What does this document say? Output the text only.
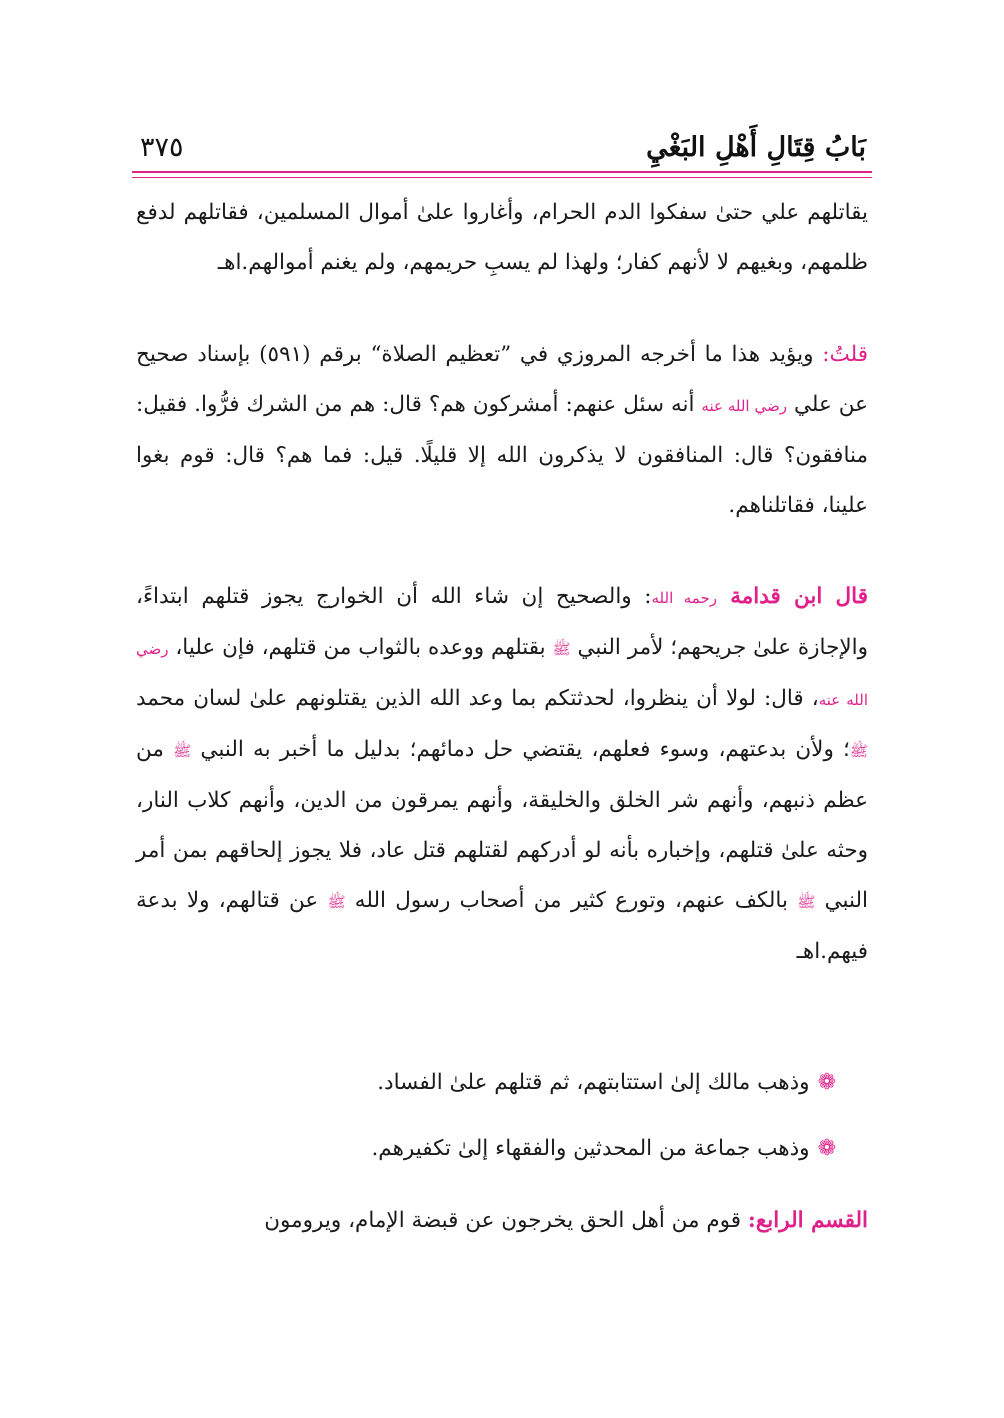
بَابُ قِتَالِ أَهْلِ البَغْيِ
٣٧٥

يقاتلهم علي حتىٰ سفكوا الدم الحرام، وأغاروا علىٰ أموال المسلمين، فقاتلهم لدفع ظلمهم، وبغيهم لا لأنهم كفار؛ ولهذا لم يسبِ حريمهم، ولم يغنم أموالهم.اهـ

قلتُ: ويؤيد هذا ما أخرجه المروزي في ”تعظيم الصلاة“ برقم (٥٩١) بإسناد صحيح عن علي رضي الله عنه أنه سئل عنهم: أمشركون هم؟ قال: هم من الشرك فرُّوا. فقيل: منافقون؟ قال: المنافقون لا يذكرون الله إلا قليلًا. قيل: فما هم؟ قال: قوم بغوا علينا، فقاتلناهم.

قال ابن قدامة رحمه الله: والصحيح إن شاء الله أن الخوارج يجوز قتلهم ابتداءً، والإجازة علىٰ جريحهم؛ لأمر النبي ﷺ بقتلهم ووعده بالثواب من قتلهم، فإن عليا، رضي الله عنه، قال: لولا أن ينظروا، لحدثتكم بما وعد الله الذين يقتلونهم علىٰ لسان محمد ﷺ؛ ولأن بدعتهم، وسوء فعلهم، يقتضي حل دمائهم؛ بدليل ما أخبر به النبي ﷺ من عظم ذنبهم، وأنهم شر الخلق والخليقة، وأنهم يمرقون من الدين، وأنهم كلاب النار، وحثه علىٰ قتلهم، وإخباره بأنه لو أدركهم لقتلهم قتل عاد، فلا يجوز إلحاقهم بمن أمر النبي ﷺ بالكف عنهم، وتورع كثير من أصحاب رسول الله ﷺ عن قتالهم، ولا بدعة فيهم.اهـ

❁وذهب مالك إلىٰ استتابتهم، ثم قتلهم علىٰ الفساد.

❁وذهب جماعة من المحدثين والفقهاء إلىٰ تكفيرهم.

القسم الرابع: قوم من أهل الحق يخرجون عن قبضة الإمام، ويرومون
